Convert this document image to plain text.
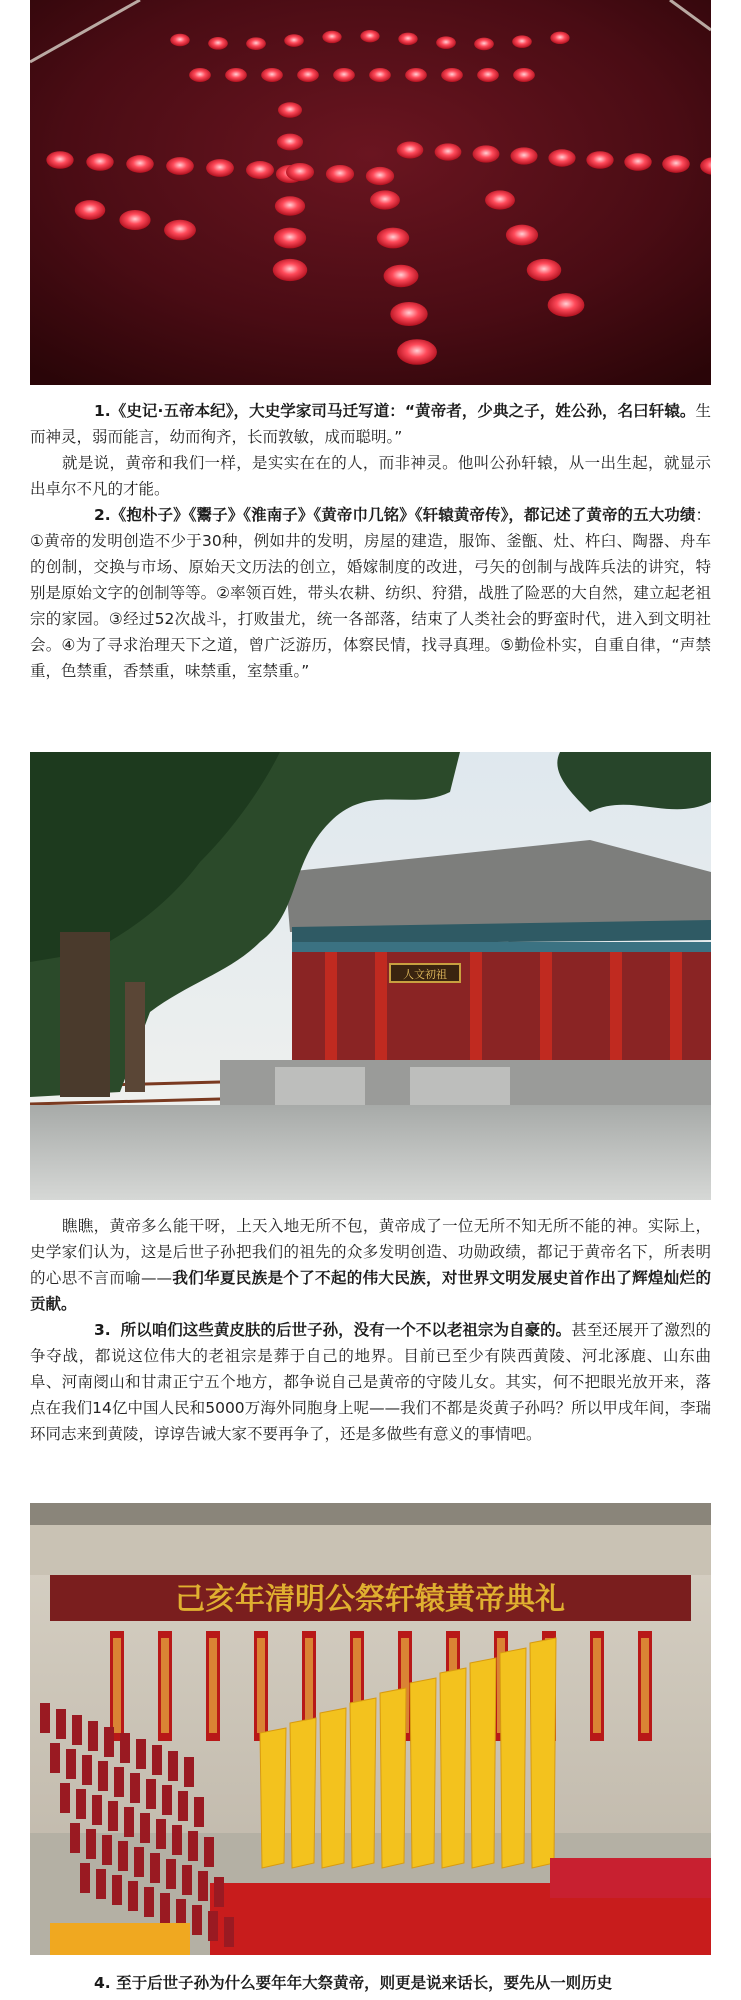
1.《史记·五帝本纪》，大史学家司马迁写道：“黄帝者，少典之子，姓公孙，名曰轩辕。生而神灵，弱而能言，幼而徇齐，长而敦敏，成而聪明。”

就是说，黄帝和我们一样，是实实在在的人，而非神灵。他叫公孙轩辕，从一出生起，就显示出卓尔不凡的才能。

2.《抱朴子》《鬻子》《淮南子》《黄帝巾几铭》《轩辕黄帝传》，都记述了黄帝的五大功绩：①黄帝的发明创造不少于30种，例如井的发明，房屋的建造，服饰、釜甑、灶、杵臼、陶器、舟车的创制，交换与市场、原始天文历法的创立，婚嫁制度的改进，弓矢的创制与战阵兵法的讲究，特别是原始文字的创制等等。②率领百姓，带头农耕、纺织、狩猎，战胜了险恶的大自然，建立起老祖宗的家园。③经过52次战斗，打败蚩尤，统一各部落，结束了人类社会的野蛮时代，进入到文明社会。④为了寻求治理天下之道，曾广泛游历，体察民情，找寻真理。⑤勤俭朴实，自重自律，“声禁重，色禁重，香禁重，味禁重，室禁重。”

人文初祖

瞧瞧，黄帝多么能干呀，上天入地无所不包，黄帝成了一位无所不知无所不能的神。实际上，史学家们认为，这是后世子孙把我们的祖先的众多发明创造、功勋政绩，都记于黄帝名下，所表明的心思不言而喻——我们华夏民族是个了不起的伟大民族，对世界文明发展史首作出了辉煌灿烂的贡献。

3. 所以咱们这些黄皮肤的后世子孙，没有一个不以老祖宗为自豪的。甚至还展开了激烈的争夺战，都说这位伟大的老祖宗是葬于自己的地界。目前已至少有陕西黄陵、河北涿鹿、山东曲阜、河南阌山和甘肃正宁五个地方，都争说自己是黄帝的守陵儿女。其实，何不把眼光放开来，落点在我们14亿中国人民和5000万海外同胞身上呢——我们不都是炎黄子孙吗？所以甲戌年间，李瑞环同志来到黄陵，谆谆告诫大家不要再争了，还是多做些有意义的事情吧。

己亥年清明公祭轩辕黄帝典礼

4. 至于后世子孙为什么要年年大祭黄帝，则更是说来话长，要先从一则历史
